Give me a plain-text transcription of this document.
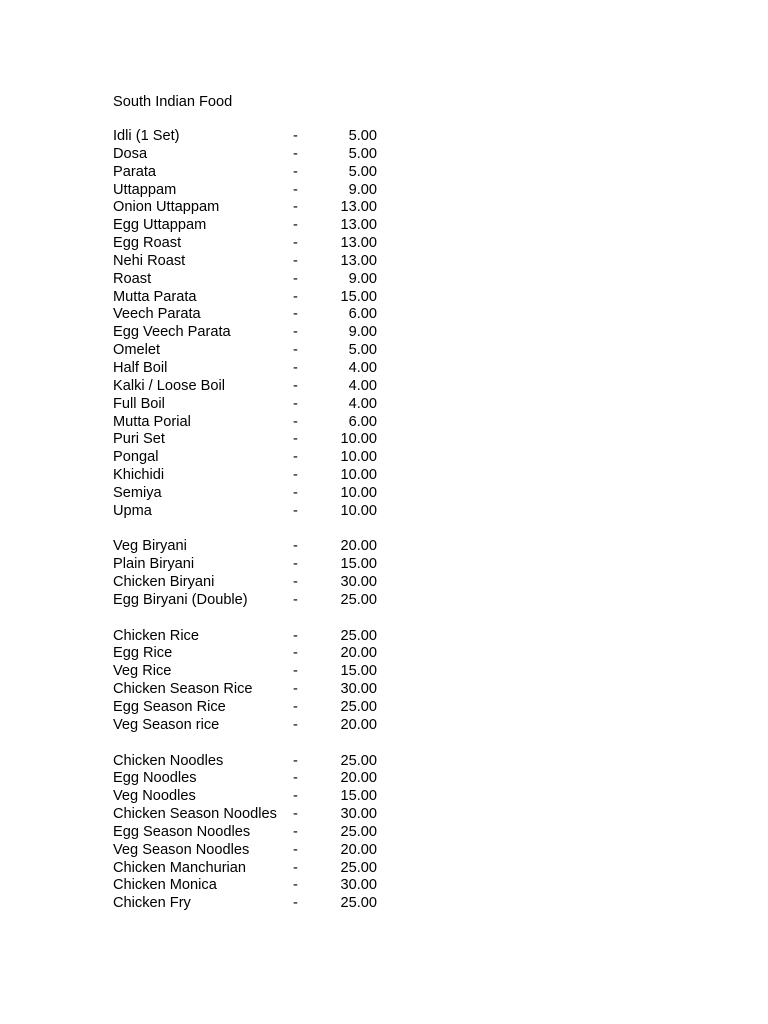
South Indian Food
Idli (1 Set)	-	5.00
Dosa	-	5.00
Parata	-	5.00
Uttappam	-	9.00
Onion Uttappam	-	13.00
Egg Uttappam	-	13.00
Egg Roast	-	13.00
Nehi Roast	-	13.00
Roast	-	9.00
Mutta Parata	-	15.00
Veech Parata	-	6.00
Egg Veech Parata	-	9.00
Omelet	-	5.00
Half Boil	-	4.00
Kalki / Loose Boil	-	4.00
Full Boil	-	4.00
Mutta Porial	-	6.00
Puri Set	-	10.00
Pongal	-	10.00
Khichidi	-	10.00
Semiya	-	10.00
Upma	-	10.00
Veg Biryani	-	20.00
Plain Biryani	-	15.00
Chicken Biryani	-	30.00
Egg Biryani (Double)	-	25.00
Chicken Rice	-	25.00
Egg Rice	-	20.00
Veg Rice	-	15.00
Chicken Season Rice	-	30.00
Egg Season Rice	-	25.00
Veg Season rice	-	20.00
Chicken Noodles	-	25.00
Egg Noodles	-	20.00
Veg Noodles	-	15.00
Chicken Season Noodles -	30.00
Egg Season Noodles	-	25.00
Veg Season Noodles	-	20.00
Chicken Manchurian	-	25.00
Chicken Monica	-	30.00
Chicken Fry	-	25.00
